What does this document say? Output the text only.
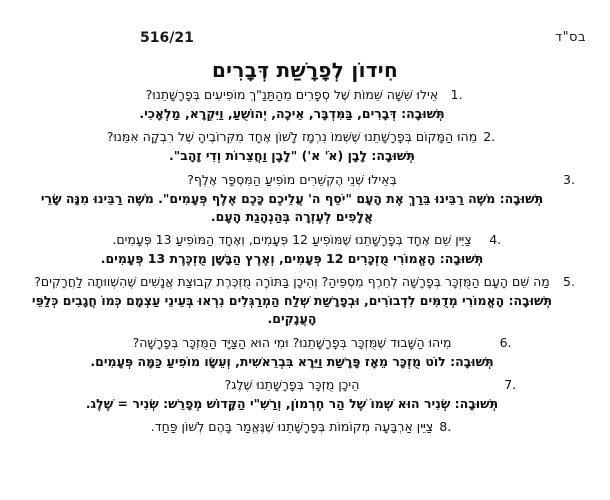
בס"ד
516/21
חִידוֹן לְפָרָשַׁת דְּבָרִים
1.
אֵילוּ שִׁשָּׁה שֵׁמוֹת שֶׁל סְפָרִים מֵהַתַּנַ"ךְ מוֹפִיעִים בְּפָרָשָׁתֵנוּ?
תְּשׁוּבָה: דְּבָרִים, בַּמִּדְבָּר, אֵיכָה, יְהוֹשֻׁעַ, וַיִּקְרָא, מַלְאָכִי.
2.
מֵהוּ הַמָּקוֹם בְּפָרָשָׁתֵנוּ שֶׁשְּׁמוֹ נִרְמָז לָשׁוֹן אֶחָד מִקִּרוֹבֶיהָ שֶׁל רִבְקָה אִמֵּנוּ?
תְּשׁוּבָה: לָבָן (אֹ' א') "לָבָן וַחֲצֵרוֹת וְדִי זָהָב".
3.
בְּאֵילוּ שְׁנֵי הֶקְשֵׁרִים מוֹפִיעַ הַמִּסְפָּר אֶלֶף?
תְּשׁוּבָה: מֹשֶׁה רַבֵּינוּ בֵּרַךְ אֶת הָעָם "יֹסֵף ה' עֲלֵיכֶם כָּכֶם אֶלֶף פְּעָמִים". מֹשֶׁה רַבֵּינוּ מִנָּה שָׂרֵי אֲלָפִים לְעֶזְרָה בְּהַנְהָגַת הָעָם.
4.
צַיֵּין שֵׁם אֶחָד בְּפָרָשָׁתֵנוּ שֶׁמּוֹפִיעַ 12 פְּעָמִים, וְאֶחָד הַמּוֹפִיעַ 13 פְּעָמִים.
תְּשׁוּבָה: הָאֱמוֹרִי מֻזְכָּרִים 12 פְּעָמִים, וְאֶרֶץ הַבָּשָׁן מֻזְכֶּרֶת 13 פְּעָמִים.
5.
מַה שֵׁם הָעָם הַמֻּזְכָּר בְּפָרָשָׁה לְחֵרֶף מִסְפֵּיהַ? וְהֵיכָן בַּתּוֹרָה מֻזְכֶּרֶת קְבוּצַת אֲנָשִׁים שֶׁהִשְׁווּתָה לַחֲרָקִים?
תְּשׁוּבָה: הָאֱמוֹרִי מְדֻמִּים לִדְבוֹרִים, וּבְפָרָשַׁת שְׁלַח הַמְרַגְּלִים נִרְאוּ בְּעֵינֵי עַצְמָם כְּמוֹ חֲגָבִים כְּלַפֵּי הָעֲנָקִים.
6.
מִיהוּ הַשָּׁבוּד שֶׁמֻּזְכָּר בְּפָרָשָׁתֵנוּ? וּמִי הוּא הַצַּיָּד הַמֻּזְכָּר בְּפָרָשָׁה?
תְּשׁוּבָה: לוֹט מֻזְכָּר מֵאָז פָּרָשַׁת וַיֵּרָא בִּבְרֵאשִׁית, וְעֵשָׂו מוֹפִיעַ כַּמָּה פְּעָמִים.
7.
הֵיכָן מֻזְכָּר בְּפָרָשָׁתֵנוּ שֶׁלֶג?
תְּשׁוּבָה: שְׂנִיר הוּא שְׁמוֹ שֶׁל הַר חֶרְמוֹן, וְרַשִׁ"י הַקָּדוֹשׁ מְפָרֵשׁ: שְׂנִיר = שֶׁלֶג.
8.
צַיֵּין אַרְבָּעָה מְקוֹמוֹת בְּפָרָשָׁתֵנוּ שֶׁנֶּאֱמַר בָּהֶם לְשׁוֹן פַּחַד.
